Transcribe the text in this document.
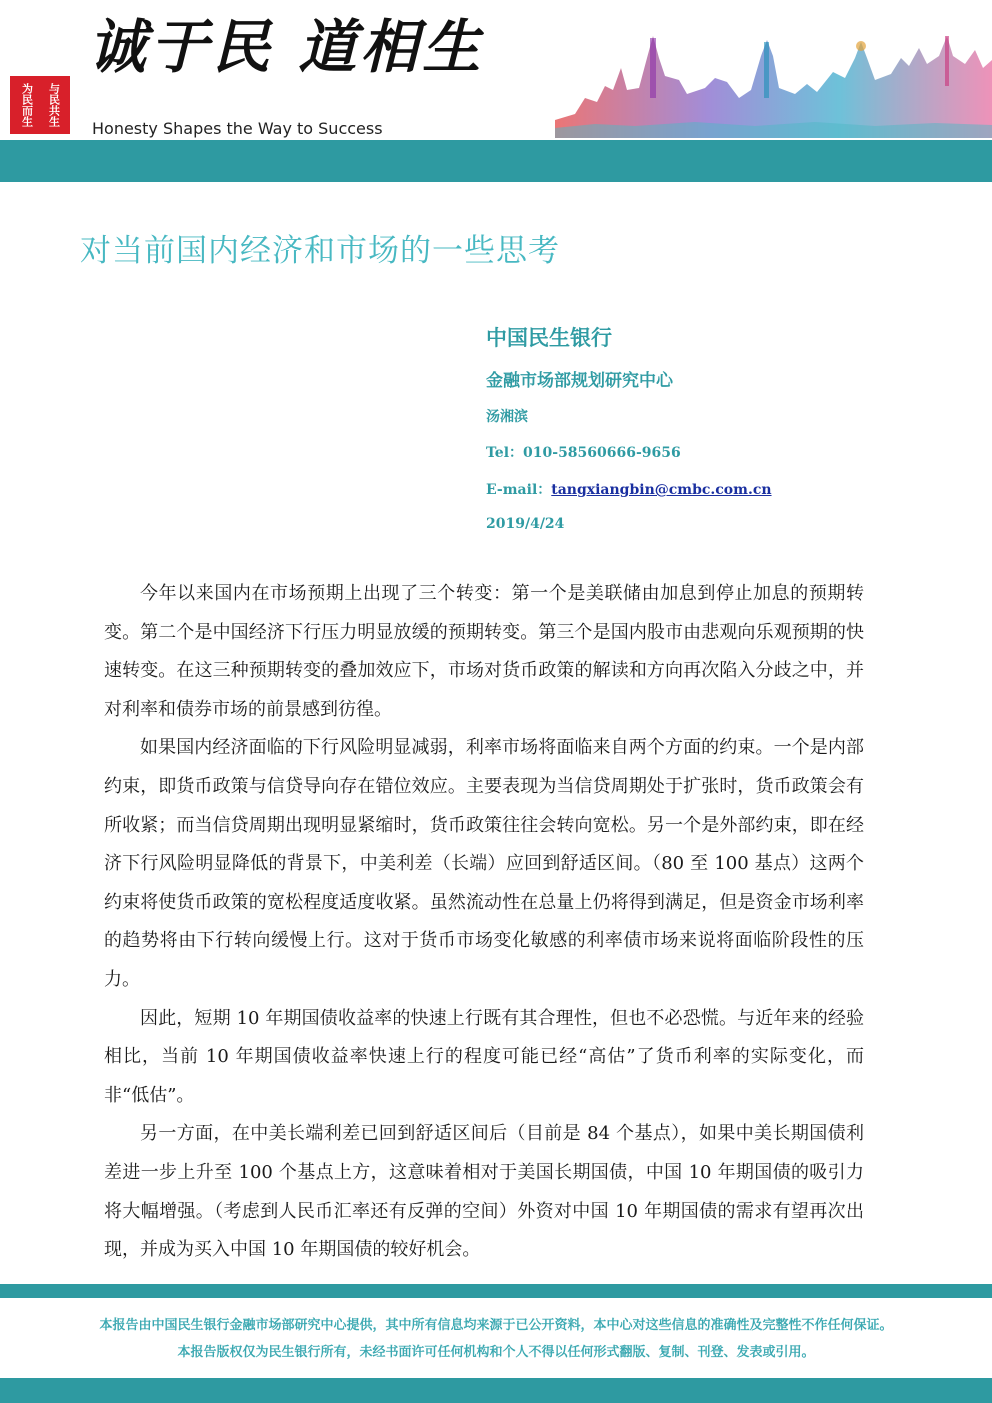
为民而生 与民共生
诚于民 道相生
Honesty Shapes the Way to Success
对当前国内经济和市场的一些思考
中国民生银行
金融市场部规划研究中心
汤湘滨
Tel：010-58560666-9656
E-mail：tangxiangbin@cmbc.com.cn
2019/4/24

今年以来国内在市场预期上出现了三个转变：第一个是美联储由加息到停止加息的预期转变。第二个是中国经济下行压力明显放缓的预期转变。第三个是国内股市由悲观向乐观预期的快速转变。在这三种预期转变的叠加效应下，市场对货币政策的解读和方向再次陷入分歧之中，并对利率和债券市场的前景感到彷徨。

如果国内经济面临的下行风险明显减弱，利率市场将面临来自两个方面的约束。一个是内部约束，即货币政策与信贷导向存在错位效应。主要表现为当信贷周期处于扩张时，货币政策会有所收紧；而当信贷周期出现明显紧缩时，货币政策往往会转向宽松。另一个是外部约束，即在经济下行风险明显降低的背景下，中美利差（长端）应回到舒适区间。（80 至 100 基点）这两个约束将使货币政策的宽松程度适度收紧。虽然流动性在总量上仍将得到满足，但是资金市场利率的趋势将由下行转向缓慢上行。这对于货币市场变化敏感的利率债市场来说将面临阶段性的压力。

因此，短期 10 年期国债收益率的快速上行既有其合理性，但也不必恐慌。与近年来的经验相比，当前 10 年期国债收益率快速上行的程度可能已经“高估”了货币利率的实际变化，而非“低估”。

另一方面，在中美长端利差已回到舒适区间后（目前是 84 个基点），如果中美长期国债利差进一步上升至 100 个基点上方，这意味着相对于美国长期国债，中国 10 年期国债的吸引力将大幅增强。（考虑到人民币汇率还有反弹的空间）外资对中国 10 年期国债的需求有望再次出现，并成为买入中国 10 年期国债的较好机会。

本报告由中国民生银行金融市场部研究中心提供，其中所有信息均来源于已公开资料，本中心对这些信息的准确性及完整性不作任何保证。
本报告版权仅为民生银行所有，未经书面许可任何机构和个人不得以任何形式翻版、复制、刊登、发表或引用。
